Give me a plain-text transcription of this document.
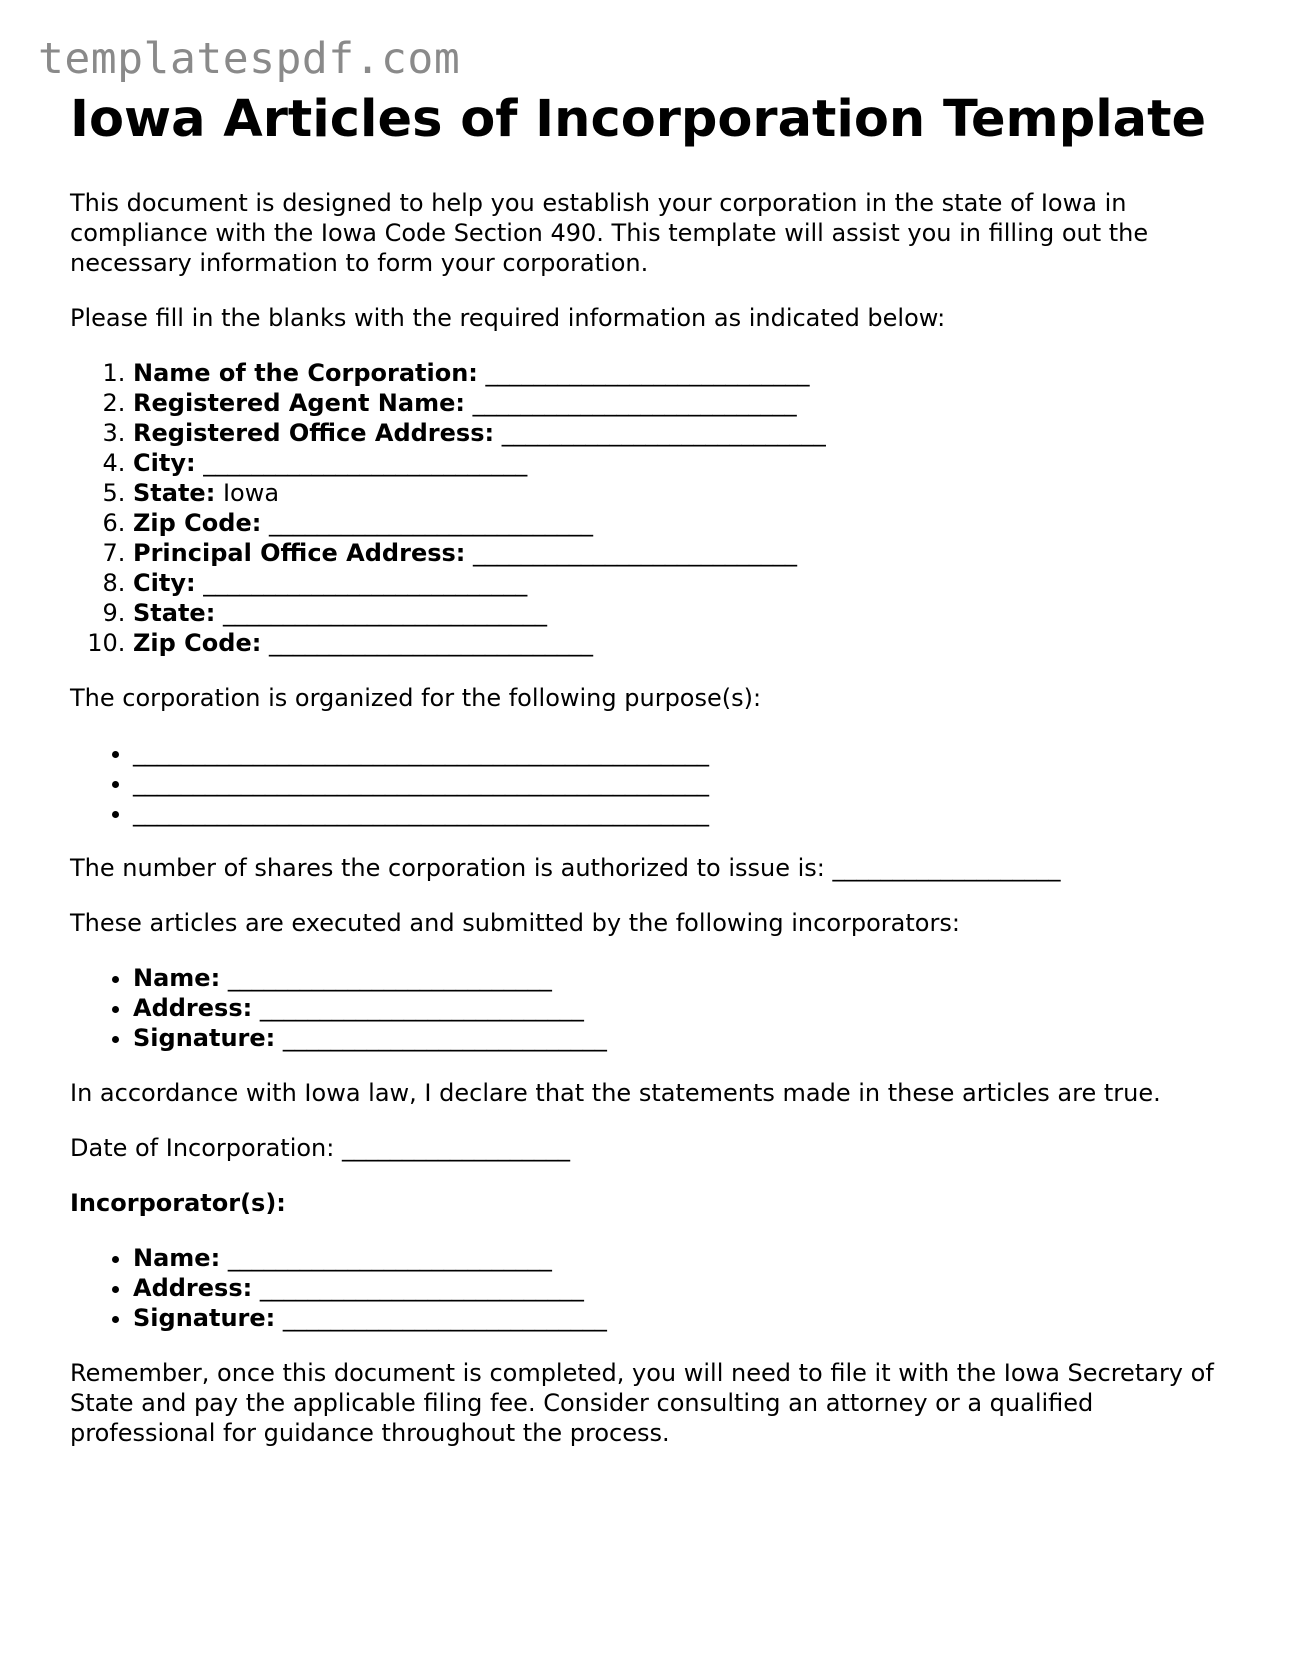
templatespdf.com
Iowa Articles of Incorporation Template

This document is designed to help you establish your corporation in the state of Iowa in compliance with the Iowa Code Section 490. This template will assist you in filling out the necessary information to form your corporation.

Please fill in the blanks with the required information as indicated below:

1. Name of the Corporation: ___________________________
2. Registered Agent Name: ___________________________
3. Registered Office Address: ___________________________
4. City: ___________________________
5. State: Iowa
6. Zip Code: ___________________________
7. Principal Office Address: ___________________________
8. City: ___________________________
9. State: ___________________________
10. Zip Code: ___________________________

The corporation is organized for the following purpose(s):

• ________________________________________________
• ________________________________________________
• ________________________________________________

The number of shares the corporation is authorized to issue is: ___________________

These articles are executed and submitted by the following incorporators:

• Name: ___________________________
• Address: ___________________________
• Signature: ___________________________

In accordance with Iowa law, I declare that the statements made in these articles are true.

Date of Incorporation: ___________________

Incorporator(s):

• Name: ___________________________
• Address: ___________________________
• Signature: ___________________________

Remember, once this document is completed, you will need to file it with the Iowa Secretary of State and pay the applicable filing fee. Consider consulting an attorney or a qualified professional for guidance throughout the process.
